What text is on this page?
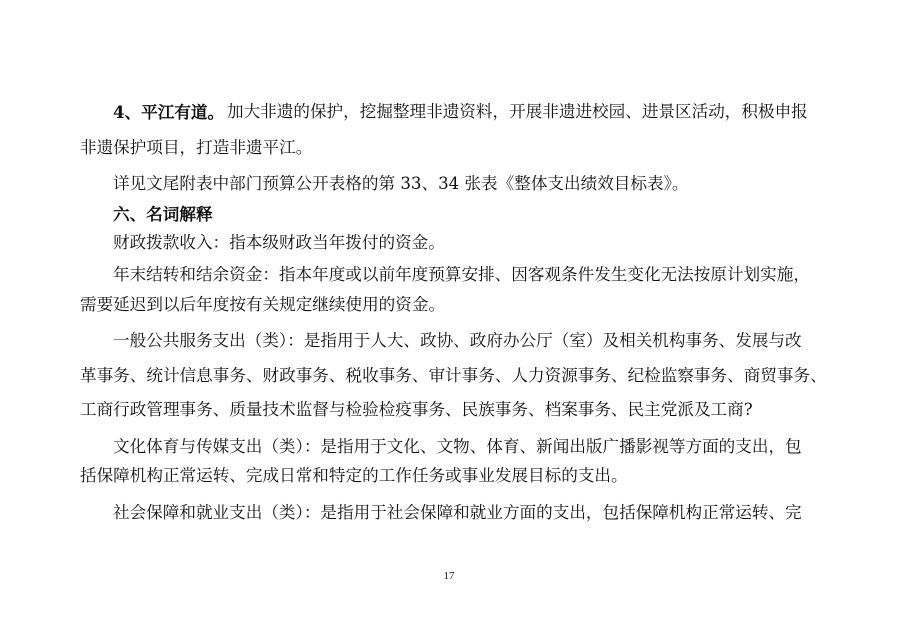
4、平江有道。 加大非遗的保护，挖掘整理非遗资料，开展非遗进校园、进景区活动，积极申报
非遗保护项目，打造非遗平江。
详见文尾附表中部门预算公开表格的第 33、34 张表《整体支出绩效目标表》。
六、名词解释
财政拨款收入：指本级财政当年拨付的资金。
年末结转和结余资金：指本年度或以前年度预算安排、因客观条件发生变化无法按原计划实施，
需要延迟到以后年度按有关规定继续使用的资金。
一般公共服务支出（类）：是指用于人大、政协、政府办公厅（室）及相关机构事务、发展与改
革事务、统计信息事务、财政事务、税收事务、审计事务、人力资源事务、纪检监察事务、商贸事务、
工商行政管理事务、质量技术监督与检验检疫事务、民族事务、档案事务、民主党派及工商?
文化体育与传媒支出（类）：是指用于文化、文物、体育、新闻出版广播影视等方面的支出，包
括保障机构正常运转、完成日常和特定的工作任务或事业发展目标的支出。
社会保障和就业支出（类）：是指用于社会保障和就业方面的支出，包括保障机构正常运转、完
17
